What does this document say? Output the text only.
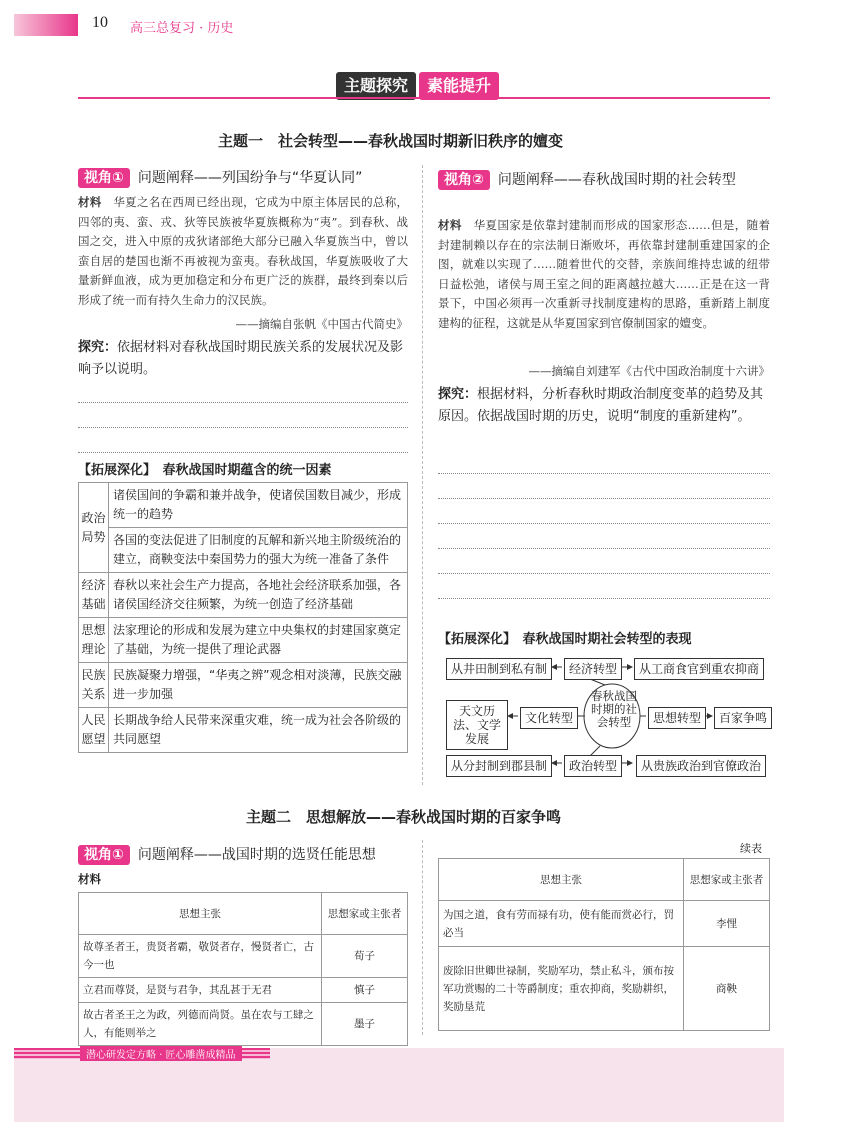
10 高三总复习 · 历史
主题探究	素能提升
主题一　社会转型——春秋战国时期新旧秩序的嬗变
视角①	问题阐释——列国纷争与“华夏认同”
材料　 华夏之名在西周已经出现，它成为中原主体居民的总称，四邻的夷、蛮、戎、狄等民族被华夏族概称为“夷”。到春秋、战国之交，进入中原的戎狄诸部绝大部分已融入华夏族当中，曾以蛮自居的楚国也渐不再被视为蛮夷。春秋战国，华夏族吸收了大量新鲜血液，成为更加稳定和分布更广泛的族群，最终到秦以后形成了统一而有持久生命力的汉民族。
——摘编自张帆《中国古代简史》
探究：依据材料对春秋战国时期民族关系的发展状况及影响予以说明。
【拓展深化】　春秋战国时期蕴含的统一因素
政治局势	诸侯国间的争霸和兼并战争，使诸侯国数目减少，形成统一的趋势
	各国的变法促进了旧制度的瓦解和新兴地主阶级统治的建立，商鞅变法中秦国势力的强大为统一准备了条件
经济基础	春秋以来社会生产力提高，各地社会经济联系加强，各诸侯国经济交往频繁，为统一创造了经济基础
思想理论	法家理论的形成和发展为建立中央集权的封建国家奠定了基础，为统一提供了理论武器
民族关系	民族凝聚力增强，“华夷之辨”观念相对淡薄，民族交融进一步加强
人民愿望	长期战争给人民带来深重灾难，统一成为社会各阶级的共同愿望
视角②	问题阐释——春秋战国时期的社会转型
材料　 华夏国家是依靠封建制而形成的国家形态……但是，随着封建制赖以存在的宗法制日渐败坏，再依靠封建制重建国家的企图，就难以实现了……随着世代的交替，亲族间维持忠诚的纽带日益松弛，诸侯与周王室之间的距离越拉越大……正是在这一背景下，中国必须再一次重新寻找制度建构的思路，重新踏上制度建构的征程，这就是从华夏国家到官僚制国家的嬗变。
——摘编自刘建军《古代中国政治制度十六讲》
探究：根据材料，分析春秋时期政治制度变革的趋势及其原因。依据战国时期的历史，说明“制度的重新建构”。
【拓展深化】　春秋战国时期社会转型的表现
从井田制到私有制	经济转型	从工商食官到重农抑商
天文历法、文学发展
文化转型
春秋战国时期的社会转型	思想转型	百家争鸣
从分封制到郡县制	政治转型	从贵族政治到官僚政治
主题二　思想解放——春秋战国时期的百家争鸣
视角①	问题阐释——战国时期的选贤任能思想
材料
思想主张	思想家或主张者
故尊圣者王，贵贤者霸，敬贤者存，慢贤者亡，古今一也	荀子
立君而尊贤，是贤与君争，其乱甚于无君	慎子
故古者圣王之为政，列德而尚贤。虽在农与工肆之人，有能则举之	墨子
续表
思想主张	思想家或主张者
为国之道，食有劳而禄有功，使有能而赏必行，罚必当	李悝
废除旧世卿世禄制，奖励军功，禁止私斗，颁布按军功赏赐的二十等爵制度；重农抑商，奖励耕织，奖励垦荒	商鞅
潜心研发定方略 · 匠心雕凿成精品
